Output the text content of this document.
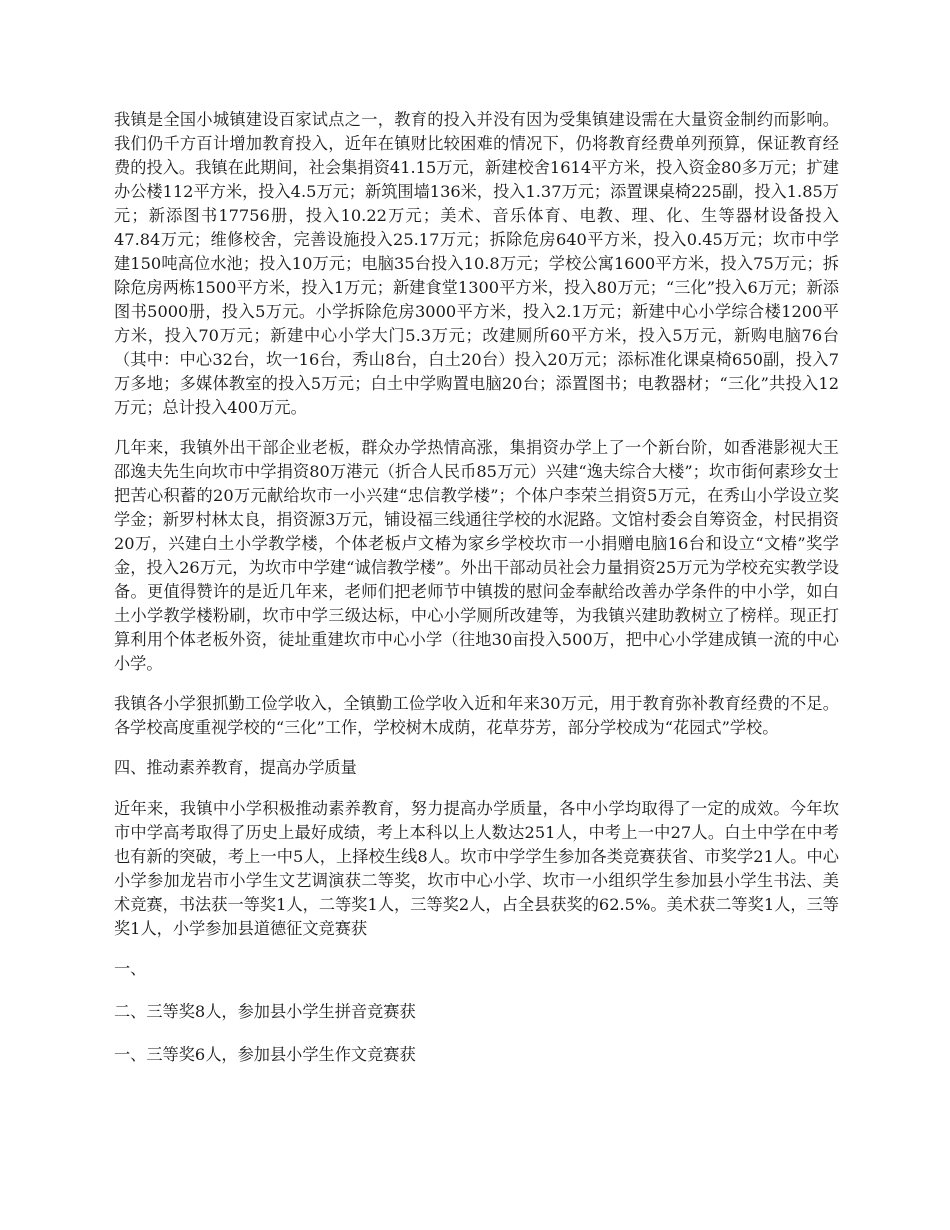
我镇是全国小城镇建设百家试点之一，教育的投入并没有因为受集镇建设需在大量资金制约而影响。我们仍千方百计增加教育投入，近年在镇财比较困难的情况下，仍将教育经费单列预算，保证教育经费的投入。我镇在此期间，社会集捐资41.15万元，新建校舍1614平方米，投入资金80多万元；扩建办公楼112平方米，投入4.5万元；新筑围墙136米，投入1.37万元；添置课桌椅225副，投入1.85万元；新添图书17756册，投入10.22万元；美术、音乐体育、电教、理、化、生等器材设备投入47.84万元；维修校舍，完善设施投入25.17万元；拆除危房640平方米，投入0.45万元；坎市中学建150吨高位水池；投入10万元；电脑35台投入10.8万元；学校公寓1600平方米，投入75万元；拆除危房两栋1500平方米，投入1万元；新建食堂1300平方米，投入80万元；“三化”投入6万元；新添图书5000册，投入5万元。小学拆除危房3000平方米，投入2.1万元；新建中心小学综合楼1200平方米，投入70万元；新建中心小学大门5.3万元；改建厕所60平方米，投入5万元，新购电脑76台（其中：中心32台，坎一16台，秀山8台，白土20台）投入20万元；添标准化课桌椅650副，投入7万多地；多媒体教室的投入5万元；白土中学购置电脑20台；添置图书；电教器材；“三化”共投入12万元；总计投入400万元。

几年来，我镇外出干部企业老板，群众办学热情高涨，集捐资办学上了一个新台阶，如香港影视大王邵逸夫先生向坎市中学捐资80万港元（折合人民币85万元）兴建“逸夫综合大楼”；坎市街何素珍女士把苦心积蓄的20万元献给坎市一小兴建“忠信教学楼”；个体户李荣兰捐资5万元，在秀山小学设立奖学金；新罗村林太良，捐资源3万元，铺设福三线通往学校的水泥路。文馆村委会自筹资金，村民捐资20万，兴建白土小学教学楼，个体老板卢文椿为家乡学校坎市一小捐赠电脑16台和设立“文椿”奖学金，投入26万元，为坎市中学建“诚信教学楼”。外出干部动员社会力量捐资25万元为学校充实教学设备。更值得赞许的是近几年来，老师们把老师节中镇拨的慰问金奉献给改善办学条件的中小学，如白土小学教学楼粉刷，坎市中学三级达标，中心小学厕所改建等，为我镇兴建助教树立了榜样。现正打算利用个体老板外资，徒址重建坎市中心小学（往地30亩投入500万，把中心小学建成镇一流的中心小学。

我镇各小学狠抓勤工俭学收入，全镇勤工俭学收入近和年来30万元，用于教育弥补教育经费的不足。各学校高度重视学校的“三化”工作，学校树木成荫，花草芬芳，部分学校成为“花园式”学校。

四、推动素养教育，提高办学质量

近年来，我镇中小学积极推动素养教育，努力提高办学质量，各中小学均取得了一定的成效。今年坎市中学高考取得了历史上最好成绩，考上本科以上人数达251人，中考上一中27人。白土中学在中考也有新的突破，考上一中5人，上择校生线8人。坎市中学学生参加各类竞赛获省、市奖学21人。中心小学参加龙岩市小学生文艺调演获二等奖，坎市中心小学、坎市一小组织学生参加县小学生书法、美术竞赛，书法获一等奖1人，二等奖1人，三等奖2人，占全县获奖的62.5%。美术获二等奖1人，三等奖1人，小学参加县道德征文竞赛获

一、

二、三等奖8人，参加县小学生拼音竞赛获

一、三等奖6人，参加县小学生作文竞赛获
